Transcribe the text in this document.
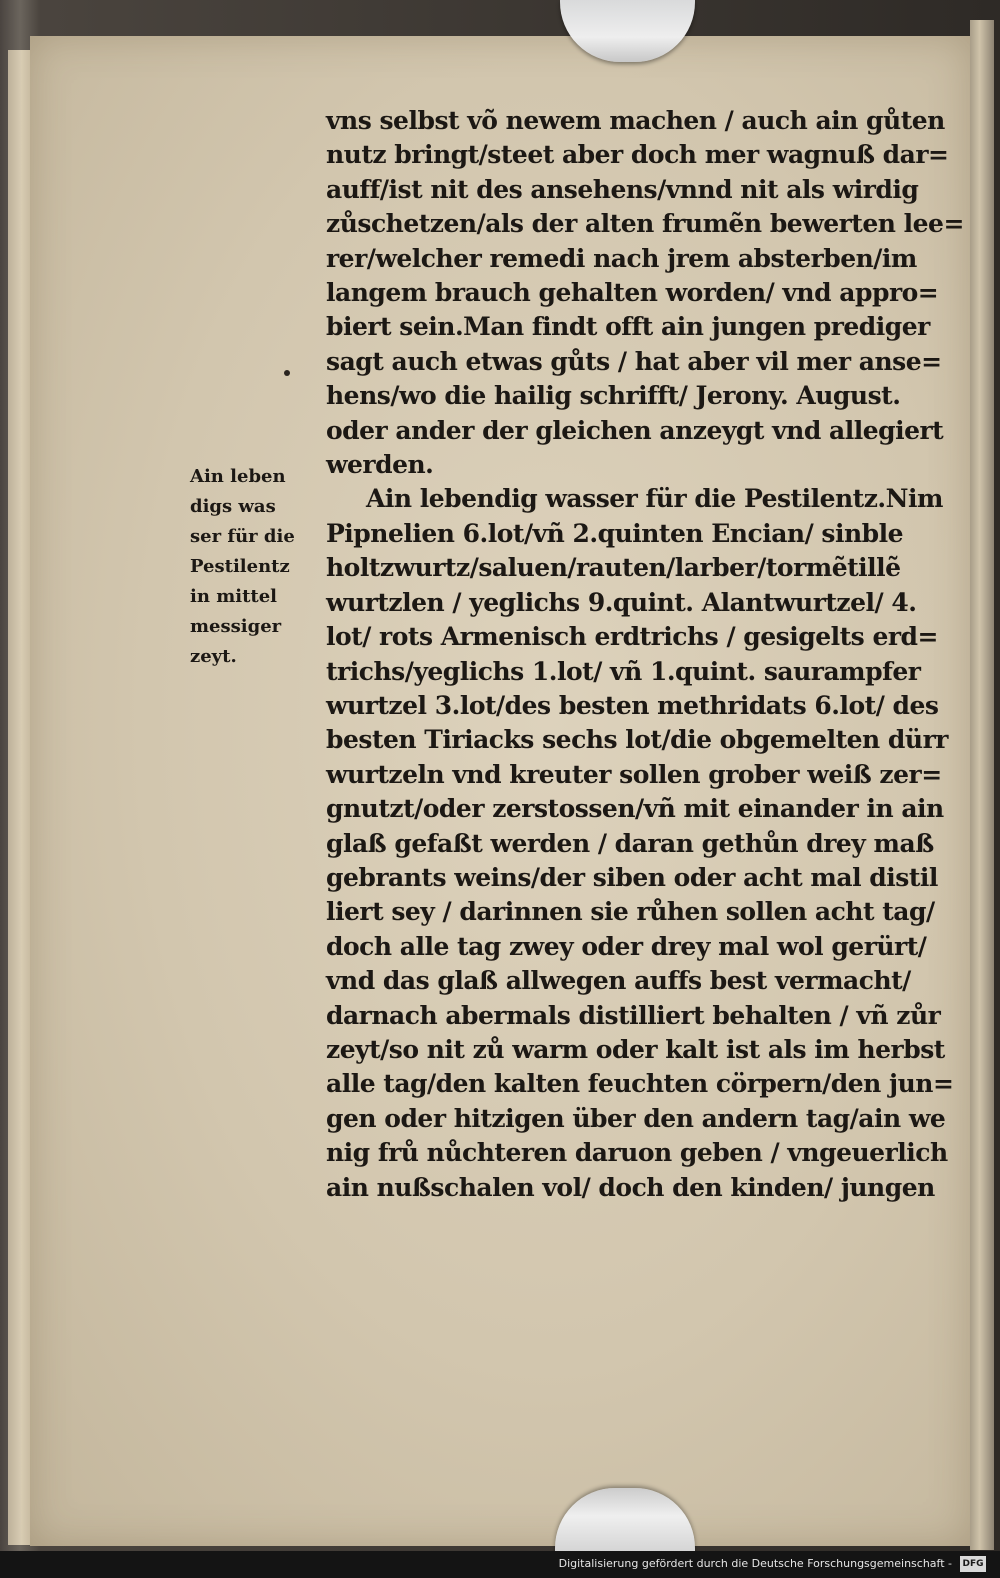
vns selbst võ newem machen / auch ain gůten
nutz bringt/steet aber doch mer wagnuß dar=
auff/ist nit des ansehens/vnnd nit als wirdig
zůschetzen/als der alten frumẽn bewerten lee=
rer/welcher remedi nach jrem absterben/im
langem brauch gehalten worden/ vnd appro=
biert sein.Man findt offt ain jungen prediger
sagt auch etwas gůts / hat aber vil mer anse=
hens/wo die hailig schrifft/ Jerony. August.
oder ander der gleichen anzeygt vnd allegiert
werden.
Ain lebendig wasser für die Pestilentz.Nim
Pipnelien 6.lot/vñ 2.quinten Encian/ sinble
holtzwurtz/saluen/rauten/larber/tormẽtillẽ
wurtzlen / yeglichs 9.quint. Alantwurtzel/ 4.
lot/ rots Armenisch erdtrichs / gesigelts erd=
trichs/yeglichs 1.lot/ vñ 1.quint. saurampfer
wurtzel 3.lot/des besten methridats 6.lot/ des
besten Tiriacks sechs lot/die obgemelten dürr
wurtzeln vnd kreuter sollen grober weiß zer=
gnutzt/oder zerstossen/vñ mit einander in ain
glaß gefaßt werden / daran gethůn drey maß
gebrants weins/der siben oder acht mal distil
liert sey / darinnen sie růhen sollen acht tag/
doch alle tag zwey oder drey mal wol gerürt/
vnd das glaß allwegen auffs best vermacht/
darnach abermals distilliert behalten / vñ zůr
zeyt/so nit zů warm oder kalt ist als im herbst
alle tag/den kalten feuchten cörpern/den jun=
gen oder hitzigen über den andern tag/ain we
nig frů nůchteren daruon geben / vngeuerlich
ain nußschalen vol/ doch den kinden/ jungen
Ain leben
digs was
ser für die
Pestilentz
in mittel
messiger
zeyt.
Digitalisierung gefördert durch die Deutsche Forschungsgemeinschaft - DFG
